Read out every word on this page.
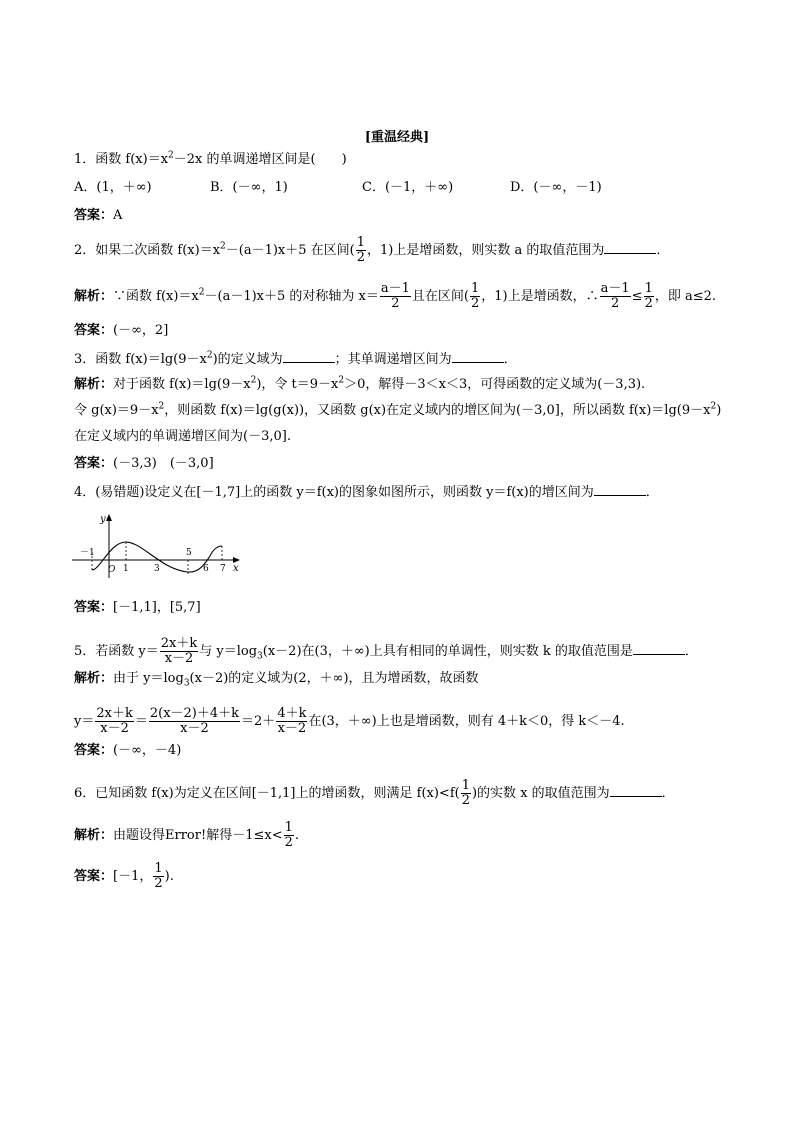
[重温经典]
1．函数 $f(x)=x^2-2x$ 的单调递增区间是(　　)
A．(1，＋∞)	B．(－∞，1)	C．(－1，＋∞)	D．(－∞，－1)
答案：A
2．如果二次函数 $f(x)=x^2-(a-1)x+5$ 在区间( $\frac{1}{2}$ ，1)上是增函数，则实数 a 的取值范围为	．
解析：∵函数 $f(x)=x^2-(a-1)x+5$ 的对称轴为 $x= \frac{a-1}{2}$ 且在区间( $\frac{1}{2}$ ，1)上是增函数，∴ $\frac{a-1}{2} \le \frac{1}{2}$ ，即 a≤2.
答案：(－∞，2]
3．函数 $f(x)=\lg(9-x^2)$的定义域为	；其单调递增区间为	．
解析：对于函数 $f(x)=\lg(9-x^2)$，令 $t=9-x^2>0$，解得－3＜x＜3，可得函数的定义域为(－3,3).
令 $g(x)=9-x^2$，则函数 f(x)＝lg(g(x))，又函数 g(x)在定义域内的增区间为(－3,0]，所以函数 $f(x)=\lg(9-x^2)$
在定义域内的单调递增区间为(－3,0].
答案：(－3,3)　(－3,0]
4．(易错题)设定义在[－1,7]上的函数 y＝f(x)的图象如图所示，则函数 y＝f(x)的增区间为	．
y
x
O
－1
1	3
5
6 7
答案：[－1,1]，[5,7]
5．若函数 $y= \frac{2x+k}{x-2}$ 与 $y=\log_3(x-2)$在(3，＋∞)上具有相同的单调性，则实数 k 的取值范围是	．
解析：由于 $y=\log_3(x-2)$的定义域为(2，＋∞)，且为增函数，故函数
$y= \frac{2x+k}{x-2} = \frac{2(x-2)+4+k}{x-2} =2+ \frac{4+k}{x-2}$ 在(3，＋∞)上也是增函数，则有 4＋k＜0，得 k＜－4.
答案：(－∞，－4)
6．已知函数 f(x)为定义在区间[－1,1]上的增函数，则满足 $f(x)<f( \frac{1}{2}$ )的实数 x 的取值范围为	．
解析：由题设得Error!解得$-1\le x< \frac{1}{2}$ .
答案：[－1， $\frac{1}{2}$ ).
